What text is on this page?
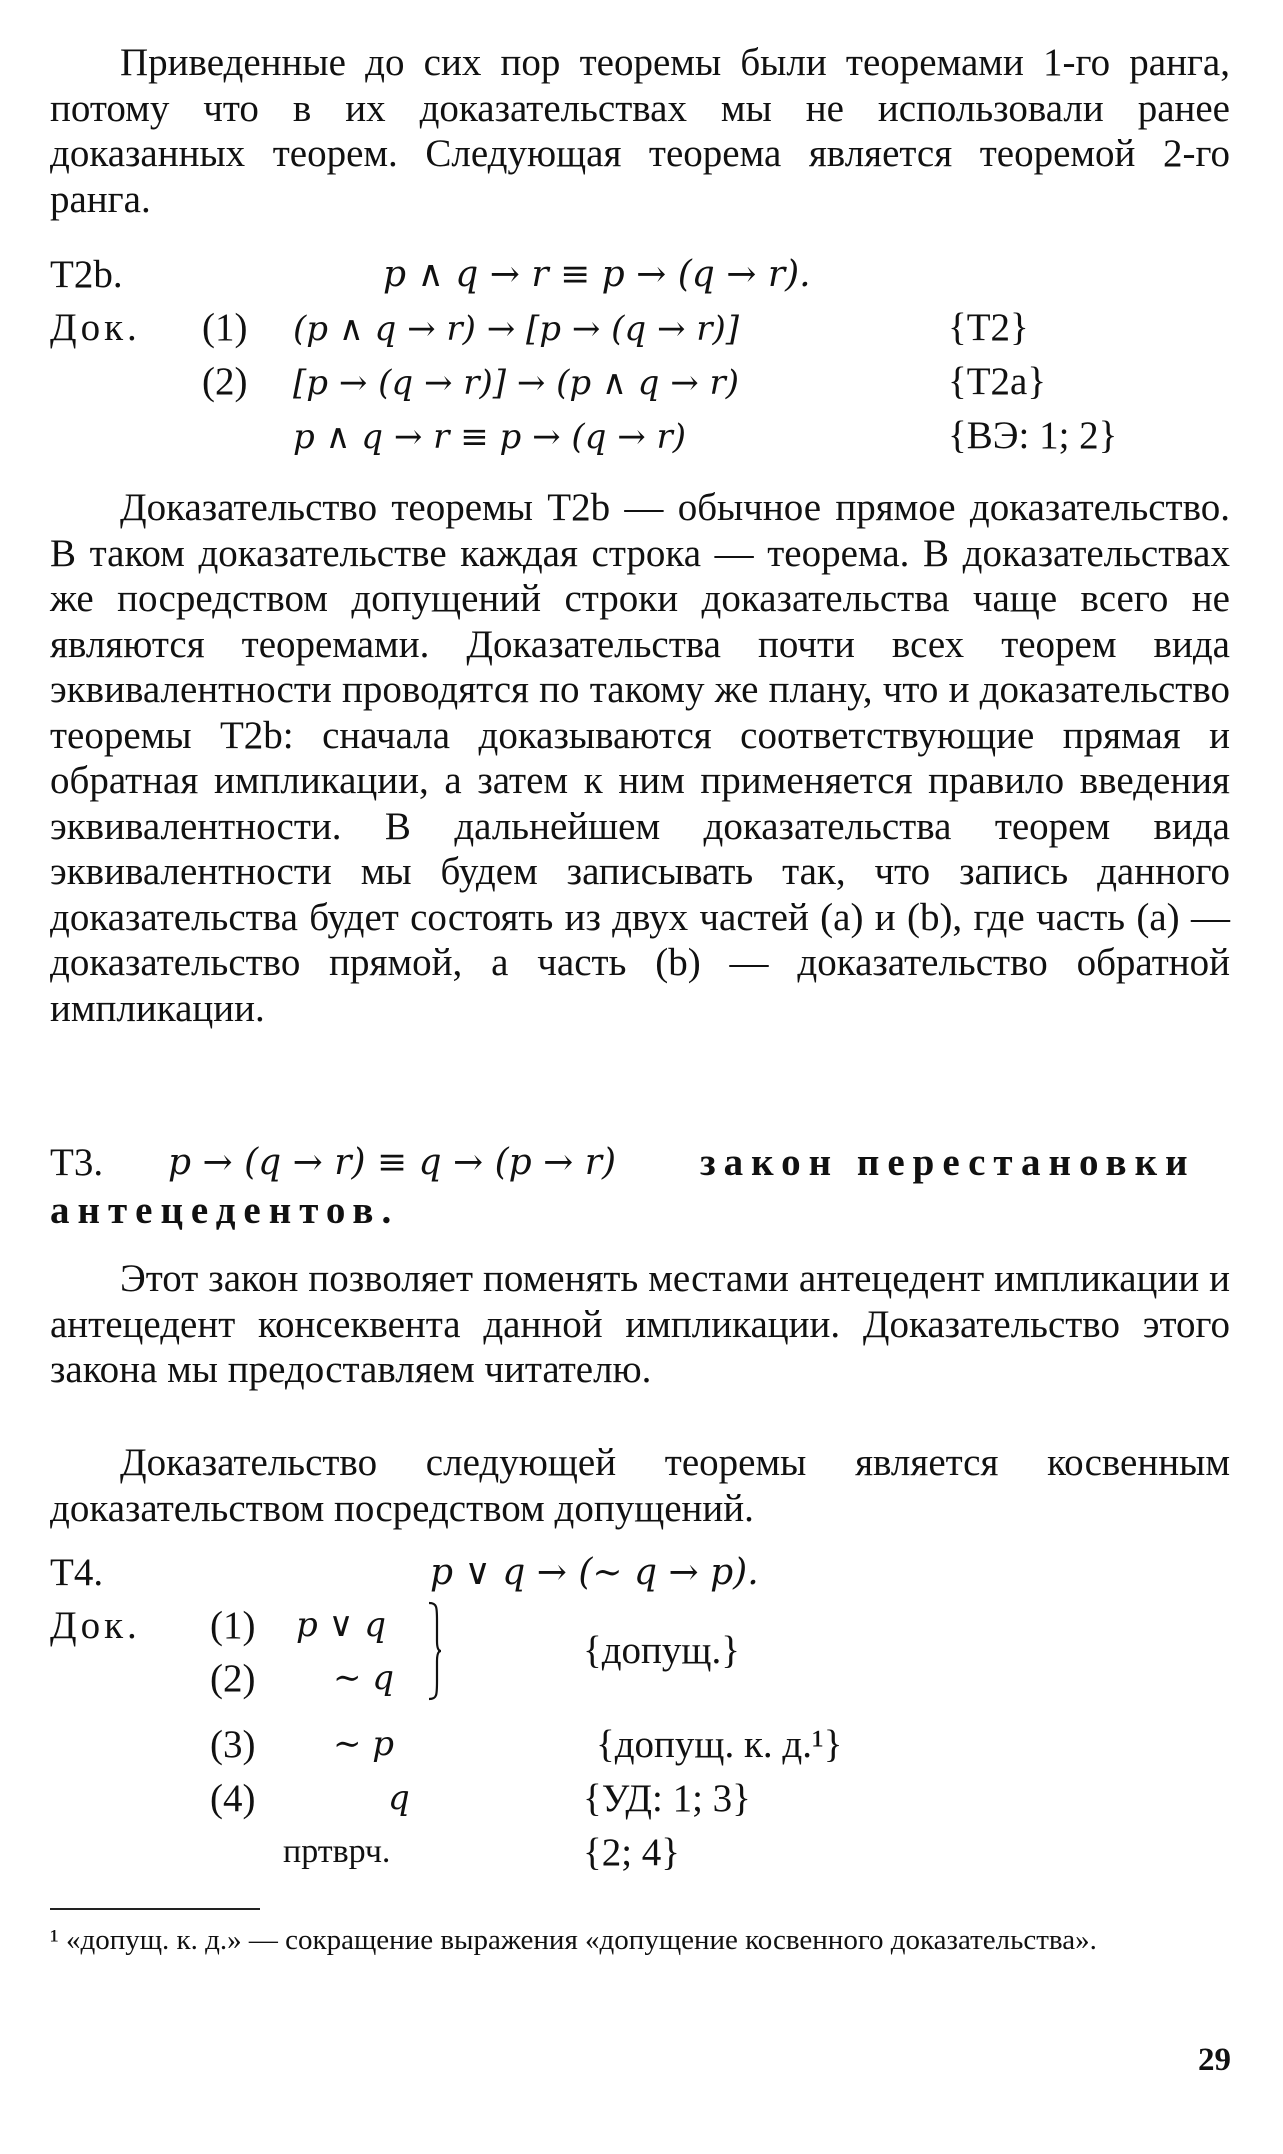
Приведенные до сих пор теоремы были теоремами 1-го ранга, потому что в их доказательствах мы не использовали ранее доказанных теорем. Следующая теорема является теоремой 2-го ранга.

T2b.	p ∧ q → r ≡ p → (q → r).
Док. (1) (p ∧ q → r) → [p → (q → r)]	{T2}
(2) [p → (q → r)] → (p ∧ q → r)	{T2a}
p ∧ q → r ≡ p → (q → r)	{ВЭ: 1; 2}

Доказательство теоремы T2b — обычное прямое доказательство. В таком доказательстве каждая строка — теорема. В доказательствах же посредством допущений строки доказательства чаще всего не являются теоремами. Доказательства почти всех теорем вида эквивалентности проводятся по такому же плану, что и доказательство теоремы T2b: сначала доказываются соответствующие прямая и обратная импликации, а затем к ним применяется правило введения эквивалентности. В дальнейшем доказательства теорем вида эквивалентности мы будем записывать так, что запись данного доказательства будет состоять из двух частей (a) и (b), где часть (a) — доказательство прямой, а часть (b) — доказательство обратной импликации.

T3. p → (q → r) ≡ q → (p → r) закон перестановки
антецедентов.

Этот закон позволяет поменять местами антецедент импликации и антецедент консеквента данной импликации. Доказательство этого закона мы предоставляем читателю.

Доказательство следующей теоремы является косвенным доказательством посредством допущений.

T4.	p ∨ q → (∼ q → p).
Док. (1) p ∨ q
(2) ∼ q
{допущ.}
(3) ∼ p	{допущ. к. д.¹}
(4)	q	{УД: 1; 3}
пртврч.	{2; 4}

¹ «допущ. к. д.» — сокращение выражения «допущение косвенного доказательства».

29
